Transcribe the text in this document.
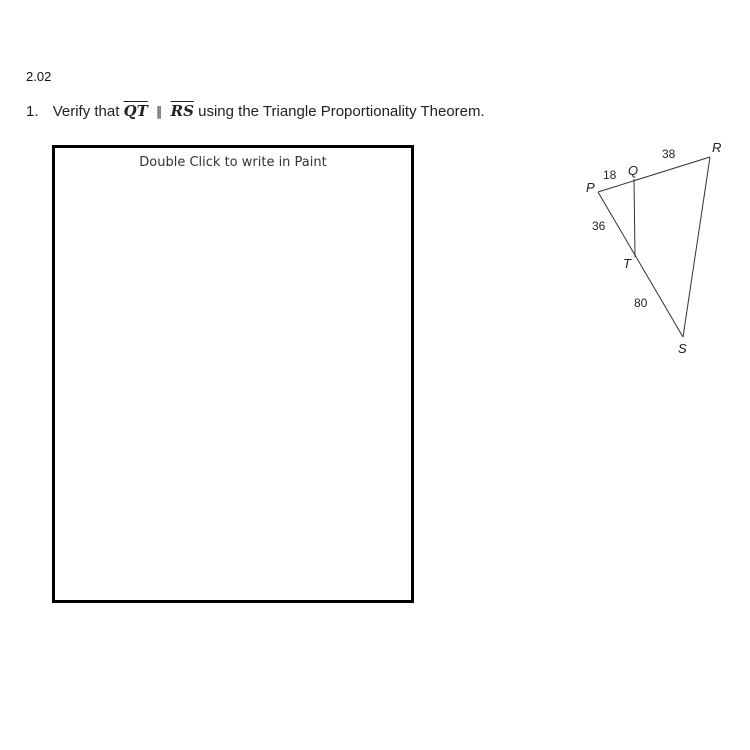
2.02
1. Verify that $\overline{QT}$ ∥ $\overline{RS}$ using the Triangle Proportionality Theorem.
Double Click to write in Paint
P
Q
R
T
S
18
38
36
80
